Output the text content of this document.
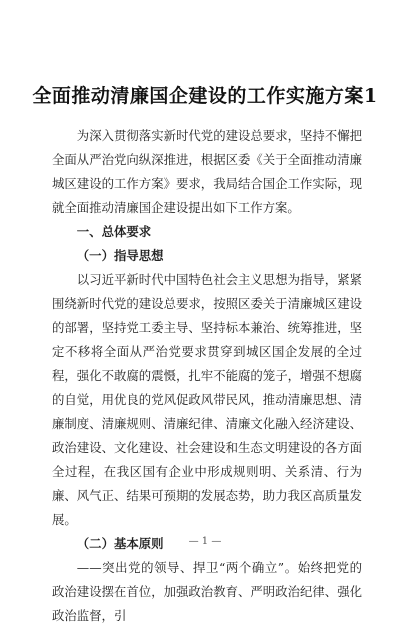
全面推动清廉国企建设的工作实施方案1

为深入贯彻落实新时代党的建设总要求，坚持不懈把全面从严治党向纵深推进，根据区委《关于全面推动清廉城区建设的工作方案》要求，我局结合国企工作实际，现就全面推动清廉国企建设提出如下工作方案。

一、总体要求

（一）指导思想

以习近平新时代中国特色社会主义思想为指导，紧紧围绕新时代党的建设总要求，按照区委关于清廉城区建设的部署，坚持党工委主导、坚持标本兼治、统筹推进，坚定不移将全面从严治党要求贯穿到城区国企发展的全过程，强化不敢腐的震慑，扎牢不能腐的笼子，增强不想腐的自觉，用优良的党风促政风带民风，推动清廉思想、清廉制度、清廉规则、清廉纪律、清廉文化融入经济建设、政治建设、文化建设、社会建设和生态文明建设的各方面全过程，在我区国有企业中形成规则明、关系清、行为廉、风气正、结果可预期的发展态势，助力我区高质量发展。

（二）基本原则

——突出党的领导、捍卫“两个确立”。始终把党的政治建设摆在首位，加强政治教育、严明政治纪律、强化政治监督，引

— 1 —
